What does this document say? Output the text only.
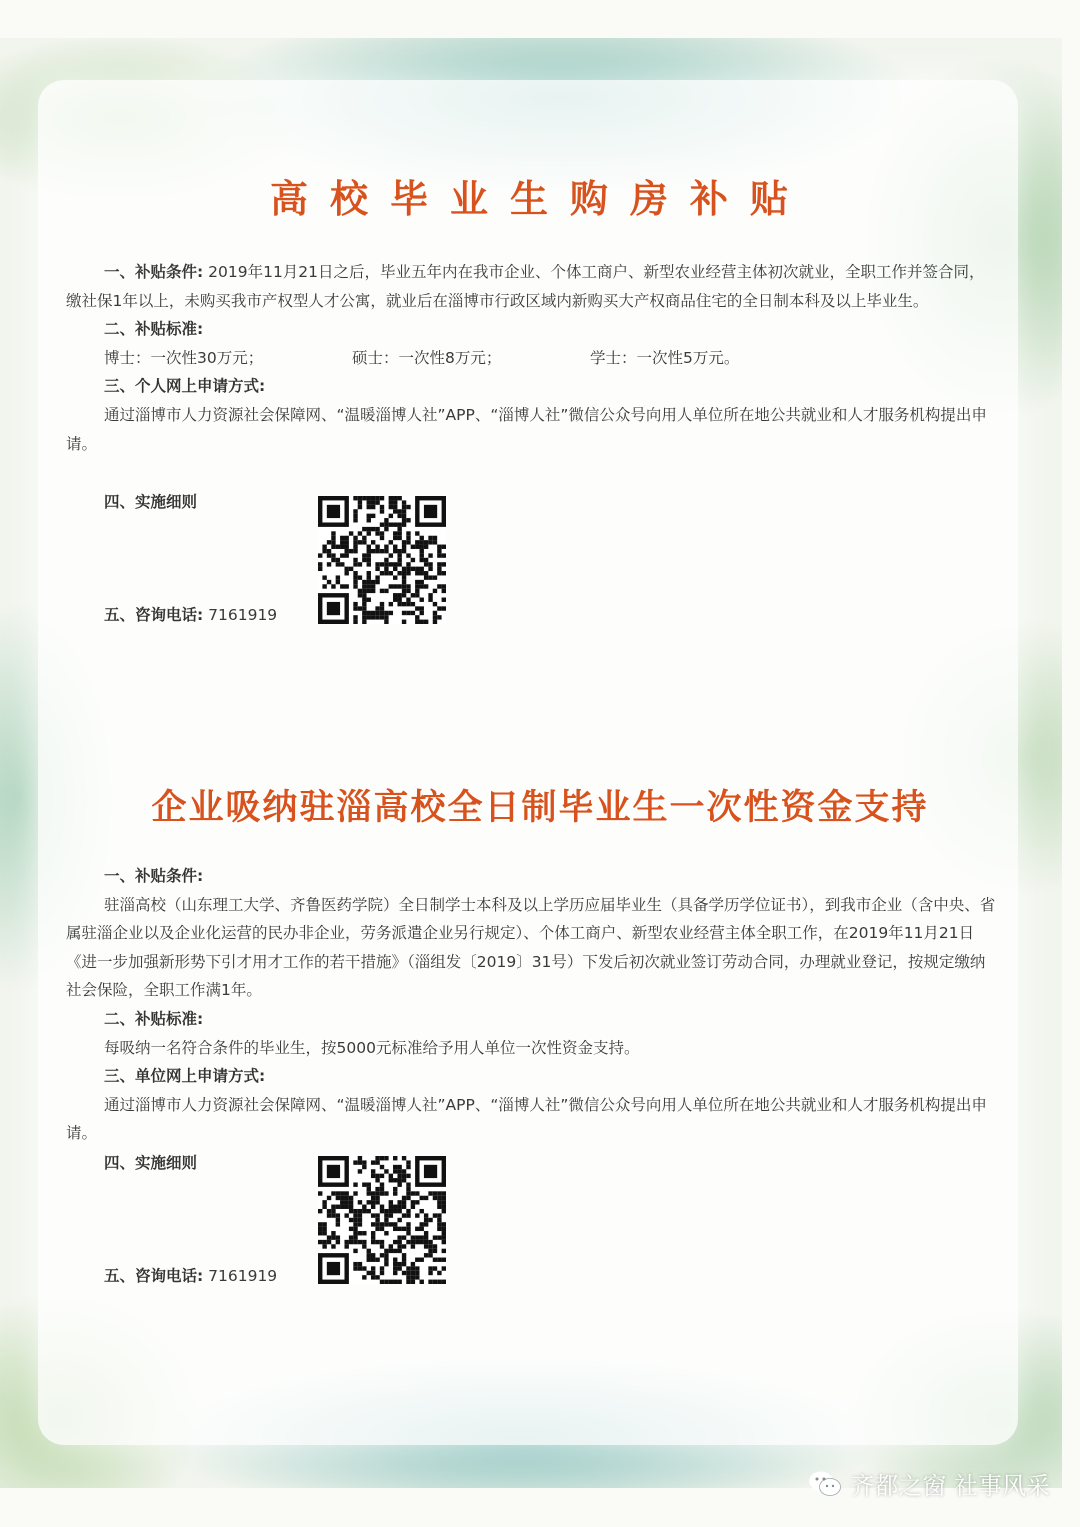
高校毕业生购房补贴

一、补贴条件: 2019年11月21日之后，毕业五年内在我市企业、个体工商户、新型农业经营主体初次就业，全职工作并签合同，缴社保1年以上，未购买我市产权型人才公寓，就业后在淄博市行政区域内新购买大产权商品住宅的全日制本科及以上毕业生。

二、补贴标准:

博士：一次性30万元；	硕士：一次性8万元；	学士：一次性5万元。

三、个人网上申请方式:

通过淄博市人力资源社会保障网、“温暖淄博人社”APP、“淄博人社”微信公众号向用人单位所在地公共就业和人才服务机构提出申请。

四、实施细则
五、咨询电话: 7161919
企业吸纳驻淄高校全日制毕业生一次性资金支持

一、补贴条件:

驻淄高校（山东理工大学、齐鲁医药学院）全日制学士本科及以上学历应届毕业生（具备学历学位证书），到我市企业（含中央、省属驻淄企业以及企业化运营的民办非企业，劳务派遣企业另行规定）、个体工商户、新型农业经营主体全职工作，在2019年11月21日《进一步加强新形势下引才用才工作的若干措施》（淄组发〔2019〕31号）下发后初次就业签订劳动合同，办理就业登记，按规定缴纳社会保险，全职工作满1年。

二、补贴标准:

每吸纳一名符合条件的毕业生，按5000元标准给予用人单位一次性资金支持。

三、单位网上申请方式:

通过淄博市人力资源社会保障网、“温暖淄博人社”APP、“淄博人社”微信公众号向用人单位所在地公共就业和人才服务机构提出申请。

四、实施细则
五、咨询电话: 7161919
齐都之窗 社事风采
